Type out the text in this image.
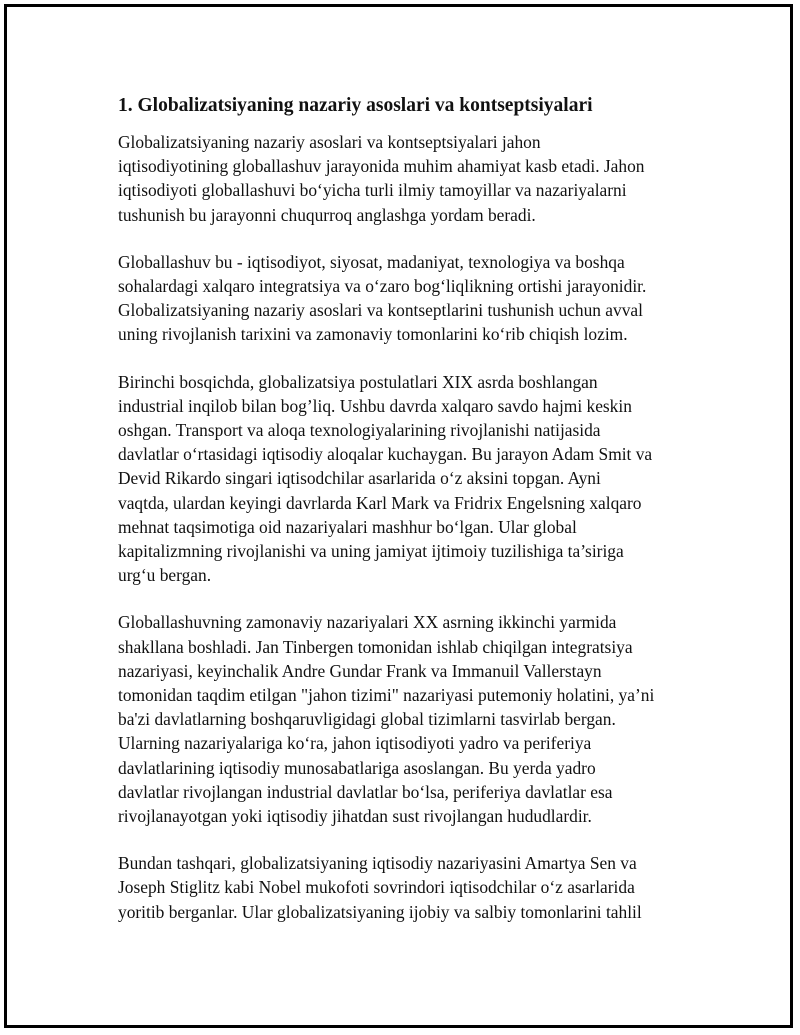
1. Globalizatsiyaning nazariy asoslari va kontseptsiyalari
Globalizatsiyaning nazariy asoslari va kontseptsiyalari jahon
iqtisodiyotining globallashuv jarayonida muhim ahamiyat kasb etadi. Jahon
iqtisodiyoti globallashuvi bo‘yicha turli ilmiy tamoyillar va nazariyalarni
tushunish bu jarayonni chuqurroq anglashga yordam beradi.
Globallashuv bu - iqtisodiyot, siyosat, madaniyat, texnologiya va boshqa
sohalardagi xalqaro integratsiya va o‘zaro bog‘liqlikning ortishi jarayonidir.
Globalizatsiyaning nazariy asoslari va kontseptlarini tushunish uchun avval
uning rivojlanish tarixini va zamonaviy tomonlarini ko‘rib chiqish lozim.
Birinchi bosqichda, globalizatsiya postulatlari XIX asrda boshlangan
industrial inqilob bilan bog’liq. Ushbu davrda xalqaro savdo hajmi keskin
oshgan. Transport va aloqa texnologiyalarining rivojlanishi natijasida
davlatlar o‘rtasidagi iqtisodiy aloqalar kuchaygan. Bu jarayon Adam Smit va
Devid Rikardo singari iqtisodchilar asarlarida o‘z aksini topgan. Ayni
vaqtda, ulardan keyingi davrlarda Karl Mark va Fridrix Engelsning xalqaro
mehnat taqsimotiga oid nazariyalari mashhur bo‘lgan. Ular global
kapitalizmning rivojlanishi va uning jamiyat ijtimoiy tuzilishiga ta’siriga
urg‘u bergan.
Globallashuvning zamonaviy nazariyalari XX asrning ikkinchi yarmida
shakllana boshladi. Jan Tinbergen tomonidan ishlab chiqilgan integratsiya
nazariyasi, keyinchalik Andre Gundar Frank va Immanuil Vallerstayn
tomonidan taqdim etilgan "jahon tizimi" nazariyasi putemoniy holatini, ya’ni
ba'zi davlatlarning boshqaruvligidagi global tizimlarni tasvirlab bergan.
Ularning nazariyalariga ko‘ra, jahon iqtisodiyoti yadro va periferiya
davlatlarining iqtisodiy munosabatlariga asoslangan. Bu yerda yadro
davlatlar rivojlangan industrial davlatlar bo‘lsa, periferiya davlatlar esa
rivojlanayotgan yoki iqtisodiy jihatdan sust rivojlangan hududlardir.
Bundan tashqari, globalizatsiyaning iqtisodiy nazariyasini Amartya Sen va
Joseph Stiglitz kabi Nobel mukofoti sovrindori iqtisodchilar o‘z asarlarida
yoritib berganlar. Ular globalizatsiyaning ijobiy va salbiy tomonlarini tahlil
